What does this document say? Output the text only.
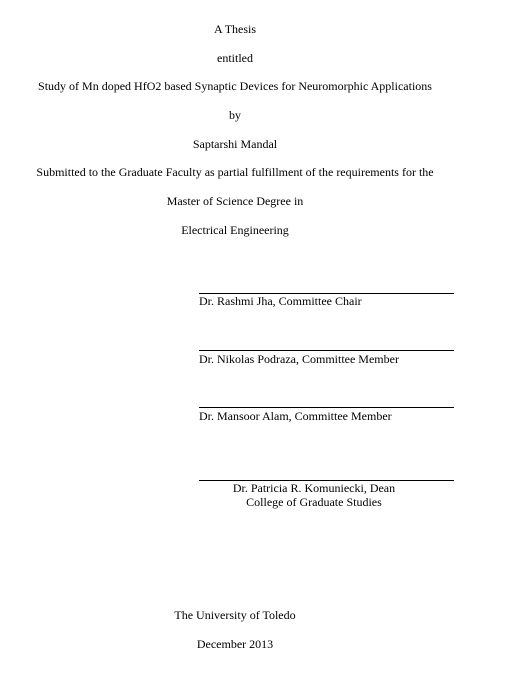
A Thesis
entitled
Study of Mn doped HfO2 based Synaptic Devices for Neuromorphic Applications
by
Saptarshi Mandal
Submitted to the Graduate Faculty as partial fulfillment of the requirements for the
Master of Science Degree in
Electrical Engineering
Dr. Rashmi Jha, Committee Chair
Dr. Nikolas Podraza, Committee Member
Dr. Mansoor Alam, Committee Member
Dr. Patricia R. Komuniecki, Dean
College of Graduate Studies
The University of Toledo
December 2013
